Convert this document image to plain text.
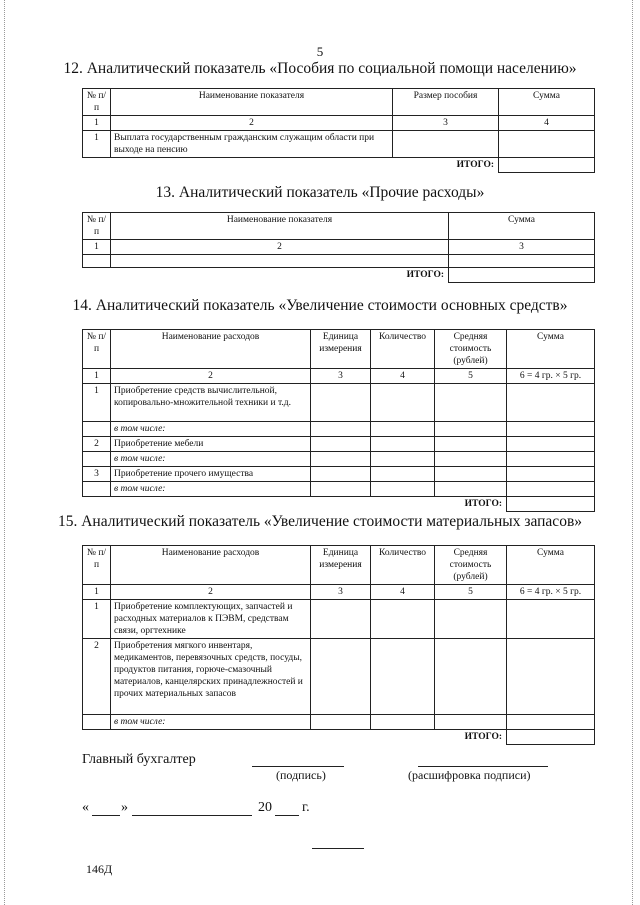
5
12. Аналитический показатель «Пособия по социальной помощи населению»
№ п/п	Наименование показателя	Размер пособия	Сумма
1	2	3	4
1	Выплата государственным гражданским служащим области при выходе на пенсию		
		ИТОГО:	
13. Аналитический показатель «Прочие расходы»
№ п/п	Наименование показателя	Сумма
1	2	3

	ИТОГО:	
14. Аналитический показатель «Увеличение стоимости основных средств»
№ п/п	Наименование расходов	Единица измерения	Количество	Средняя стоимость (рублей)	Сумма
1	2	3	4	5	6 = 4 гр. × 5 гр.
1	Приобретение средств вычислительной, копировально-множительной техники и т.д.				
	в том числе:				
2	Приобретение мебели				
	в том числе:				
3	Приобретение прочего имущества				
	в том числе:				
				ИТОГО:	
15. Аналитический показатель «Увеличение стоимости материальных запасов»
№ п/п	Наименование расходов	Единица измерения	Количество	Средняя стоимость (рублей)	Сумма
1	2	3	4	5	6 = 4 гр. × 5 гр.
1	Приобретение комплектующих, запчастей и расходных материалов к ПЭВМ, средствам связи, оргтехнике				
2	Приобретения мягкого инвентаря, медикаментов, перевязочных средств, посуды, продуктов питания, горюче-смазочный материалов, канцелярских принадлежностей и прочих материальных запасов				
	в том числе:				
				ИТОГО:	
Главный бухгалтер
(подпись)	(расшифровка подписи)
« »	20 г.
146Д
